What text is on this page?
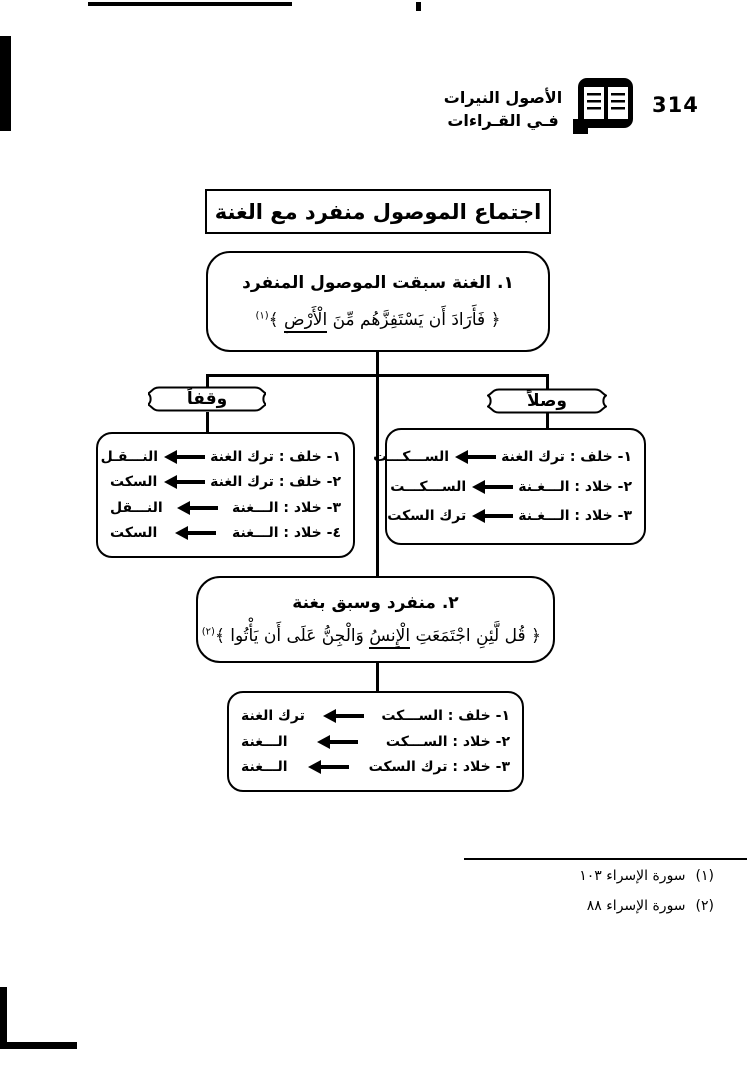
314
الأصول النيرات
فـي القـراءات
اجتماع الموصول منفرد مع الغنة
١. الغنة سبقت الموصول المنفرد
﴿ فَأَرَادَ أَن يَسْتَفِزَّهُم مِّنَ الْأَرْضِ ﴾$^{(١)}$
وقفاً	وصلاً
١- خلف : ترك الغنة
النـــقـل
٢- خلف : ترك الغنة
السكت
٣- خلاد : الـــغنة
النـــقل
٤- خلاد : الـــغنة
السكت
١- خلف : ترك الغنة
الســـكـــت
٢- خلاد : الـــغـنة
الســـكـــت
٣- خلاد : الـــغـنة
ترك السكت
٢. منفرد وسبق بغنة
﴿ قُل لَّئِنِ اجْتَمَعَتِ الْإِنسُ وَالْجِنُّ عَلَى أَن يَأْتُوا ﴾$^{(٢)}$
١- خلف : الســـكت
ترك الغنة
٢- خلاد : الســـكت
الـــغنة
٣- خلاد : ترك السكت
الـــغنة
(١)سورة الإسراء ١٠٣
(٢)سورة الإسراء ٨٨
